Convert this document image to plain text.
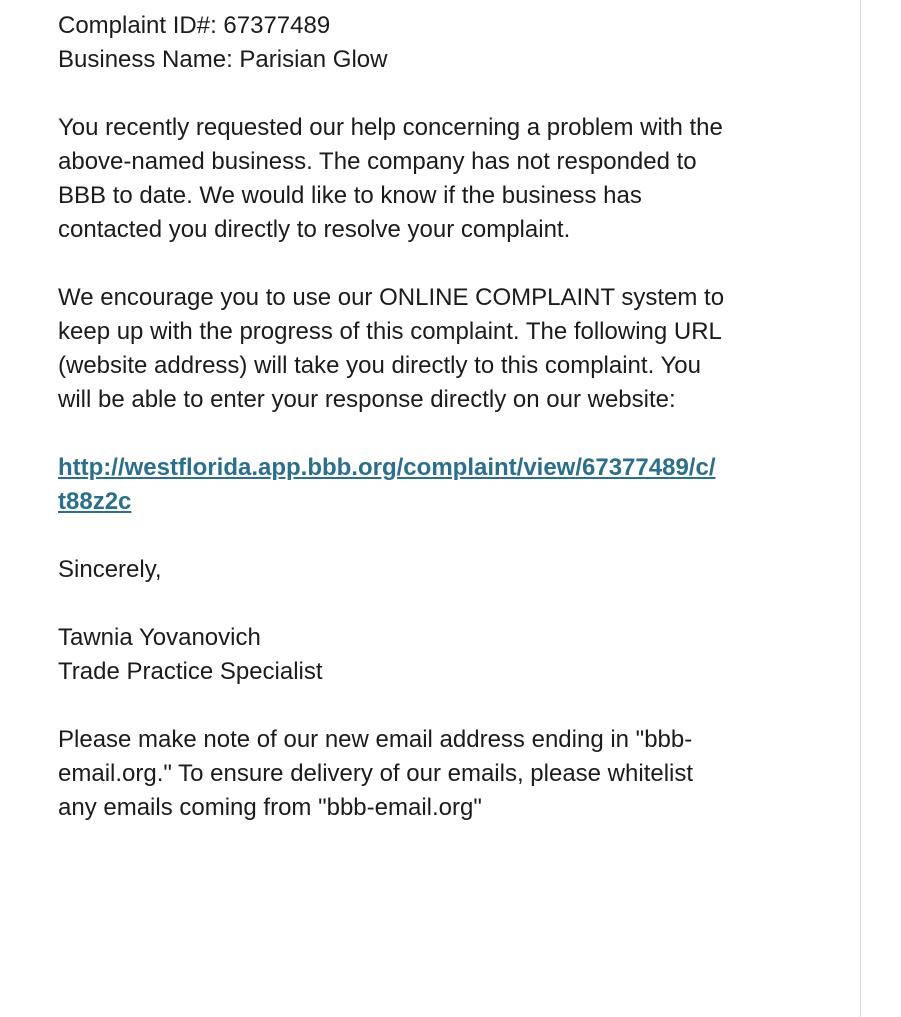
Complaint ID#: 67377489
Business Name: Parisian Glow

You recently requested our help concerning a problem with the
above-named business. The company has not responded to
BBB to date. We would like to know if the business has
contacted you directly to resolve your complaint.

We encourage you to use our ONLINE COMPLAINT system to
keep up with the progress of this complaint. The following URL
(website address) will take you directly to this complaint. You
will be able to enter your response directly on our website:

http://westflorida.app.bbb.org/complaint/view/67377489/c/
t88z2c

Sincerely,

Tawnia Yovanovich
Trade Practice Specialist

Please make note of our new email address ending in "bbb-
email.org." To ensure delivery of our emails, please whitelist
any emails coming from "bbb-email.org"
